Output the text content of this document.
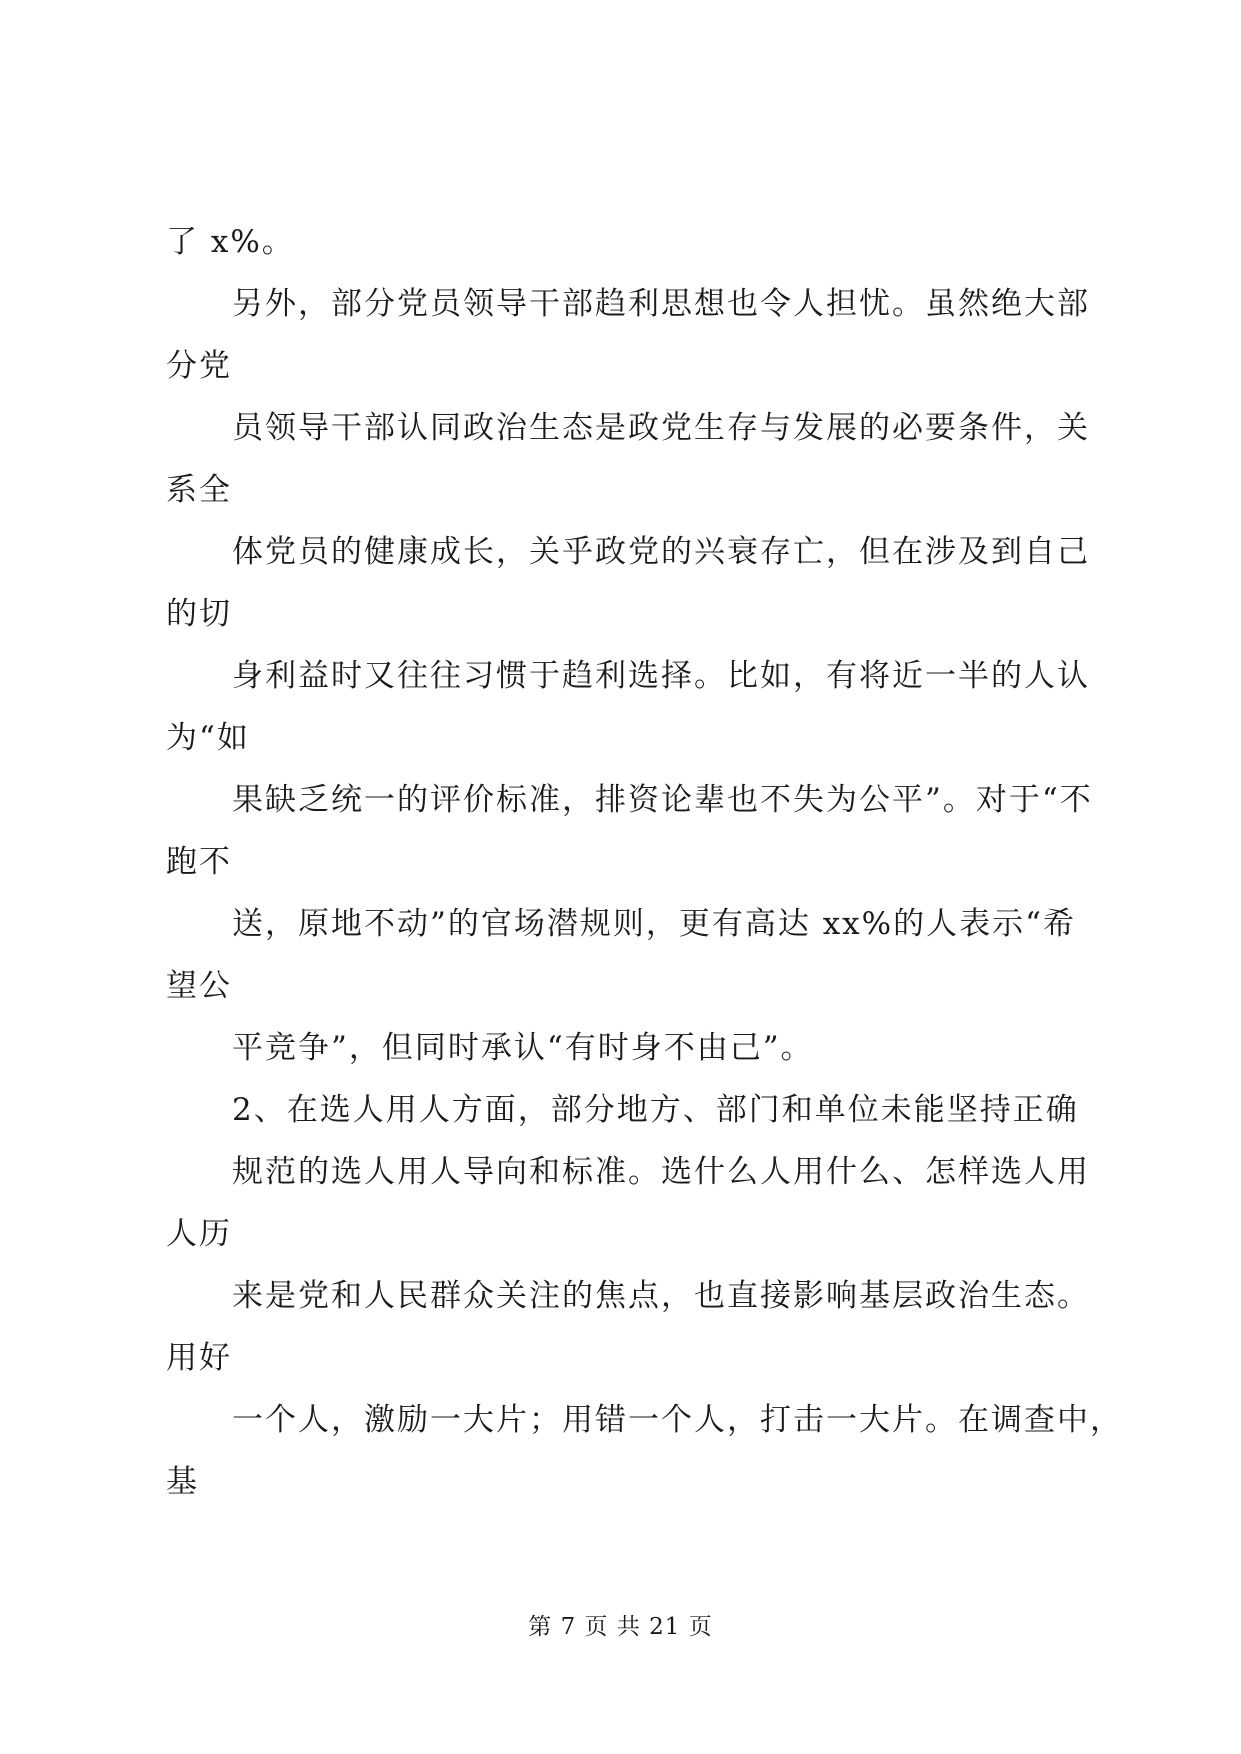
了 x%。
另外，部分党员领导干部趋利思想也令人担忧。虽然绝大部
分党
员领导干部认同政治生态是政党生存与发展的必要条件，关
系全
体党员的健康成长，关乎政党的兴衰存亡，但在涉及到自己
的切
身利益时又往往习惯于趋利选择。比如，有将近一半的人认
为“如
果缺乏统一的评价标准，排资论辈也不失为公平”。对于“不
跑不
送，原地不动”的官场潜规则，更有高达 xx%的人表示“希
望公
平竞争”，但同时承认“有时身不由己”。
2、在选人用人方面，部分地方、部门和单位未能坚持正确
规范的选人用人导向和标准。选什么人用什么、怎样选人用
人历
来是党和人民群众关注的焦点，也直接影响基层政治生态。
用好
一个人，激励一大片；用错一个人，打击一大片。在调查中，
基
第 7 页 共 21 页
